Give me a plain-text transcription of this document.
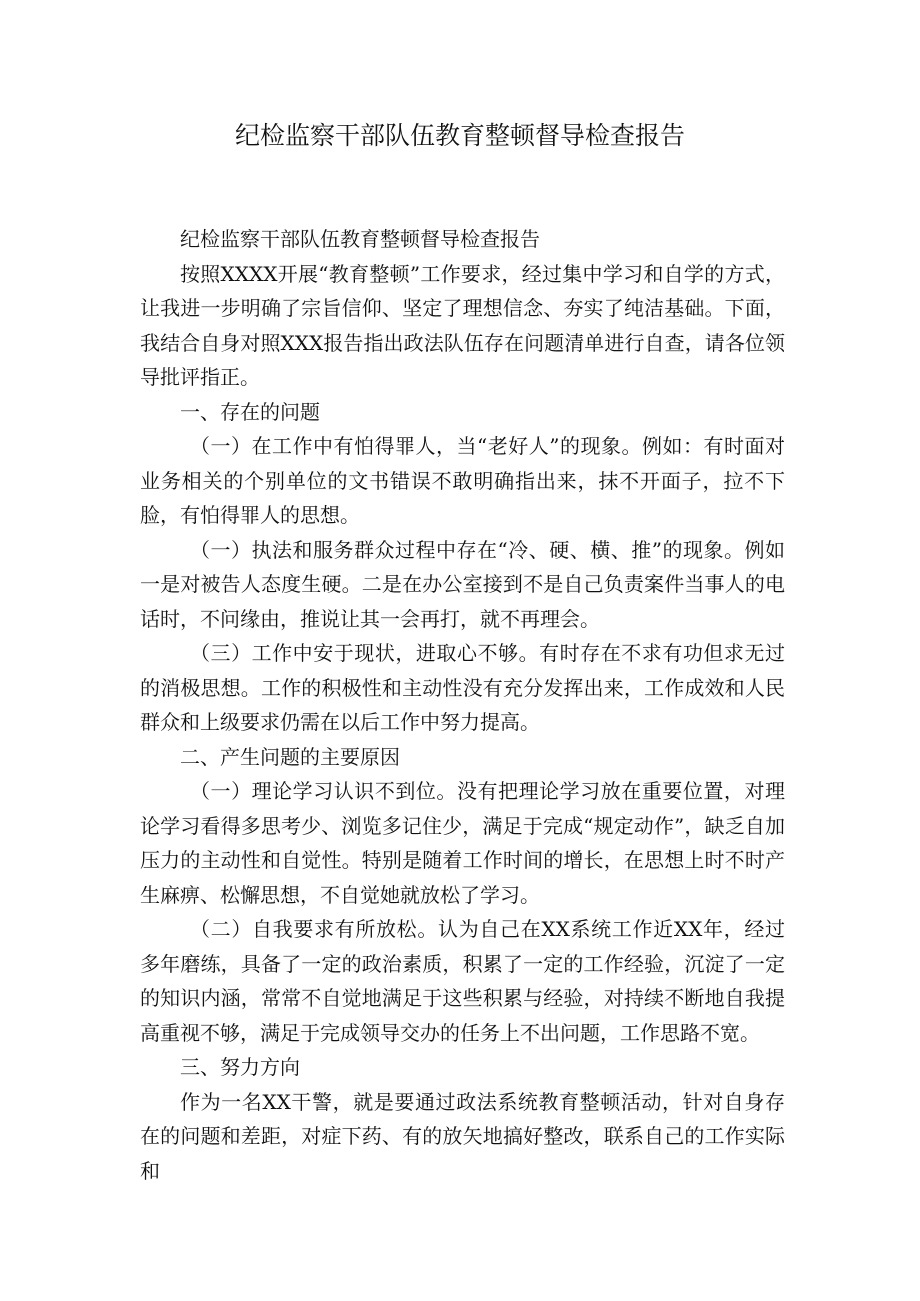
纪检监察干部队伍教育整顿督导检查报告

纪检监察干部队伍教育整顿督导检查报告

按照XXXX开展“教育整顿”工作要求，经过集中学习和自学的方式，让我进一步明确了宗旨信仰、坚定了理想信念、夯实了纯洁基础。下面，我结合自身对照XXX报告指出政法队伍存在问题清单进行自查，请各位领导批评指正。

一、存在的问题

（一）在工作中有怕得罪人，当“老好人”的现象。例如：有时面对业务相关的个别单位的文书错误不敢明确指出来，抹不开面子，拉不下脸，有怕得罪人的思想。

（一）执法和服务群众过程中存在“冷、硬、横、推”的现象。例如一是对被告人态度生硬。二是在办公室接到不是自己负责案件当事人的电话时，不问缘由，推说让其一会再打，就不再理会。

（三）工作中安于现状，进取心不够。有时存在不求有功但求无过的消极思想。工作的积极性和主动性没有充分发挥出来，工作成效和人民群众和上级要求仍需在以后工作中努力提高。

二、产生问题的主要原因

（一）理论学习认识不到位。没有把理论学习放在重要位置，对理论学习看得多思考少、浏览多记住少，满足于完成“规定动作”，缺乏自加压力的主动性和自觉性。特别是随着工作时间的增长，在思想上时不时产生麻痹、松懈思想，不自觉她就放松了学习。

（二）自我要求有所放松。认为自己在XX系统工作近XX年，经过多年磨练，具备了一定的政治素质，积累了一定的工作经验，沉淀了一定的知识内涵，常常不自觉地满足于这些积累与经验，对持续不断地自我提高重视不够，满足于完成领导交办的任务上不出问题，工作思路不宽。

三、努力方向

作为一名XX干警，就是要通过政法系统教育整顿活动，针对自身存在的问题和差距，对症下药、有的放矢地搞好整改，联系自己的工作实际和
